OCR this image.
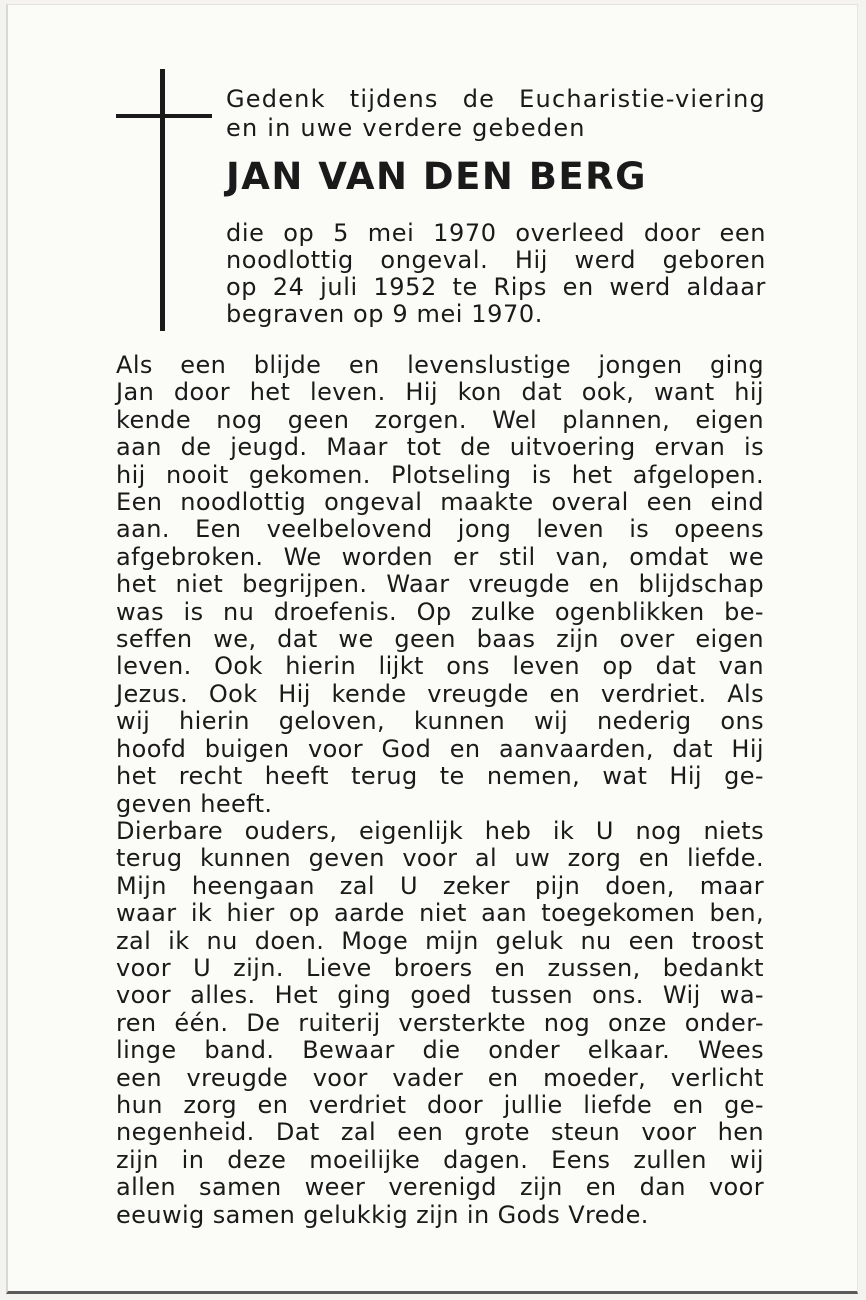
Gedenk tijdens de Eucharistie-viering
en in uwe verdere gebeden
JAN VAN DEN BERG
die op 5 mei 1970 overleed door een
noodlottig ongeval. Hij werd geboren
op 24 juli 1952 te Rips en werd aldaar
begraven op 9 mei 1970.
Als een blijde en levenslustige jongen ging
Jan door het leven. Hij kon dat ook, want hij
kende nog geen zorgen. Wel plannen, eigen
aan de jeugd. Maar tot de uitvoering ervan is
hij nooit gekomen. Plotseling is het afgelopen.
Een noodlottig ongeval maakte overal een eind
aan. Een veelbelovend jong leven is opeens
afgebroken. We worden er stil van, omdat we
het niet begrijpen. Waar vreugde en blijdschap
was is nu droefenis. Op zulke ogenblikken be-
seffen we, dat we geen baas zijn over eigen
leven. Ook hierin lijkt ons leven op dat van
Jezus. Ook Hij kende vreugde en verdriet. Als
wij hierin geloven, kunnen wij nederig ons
hoofd buigen voor God en aanvaarden, dat Hij
het recht heeft terug te nemen, wat Hij ge-
geven heeft.
Dierbare ouders, eigenlijk heb ik U nog niets
terug kunnen geven voor al uw zorg en liefde.
Mijn heengaan zal U zeker pijn doen, maar
waar ik hier op aarde niet aan toegekomen ben,
zal ik nu doen. Moge mijn geluk nu een troost
voor U zijn. Lieve broers en zussen, bedankt
voor alles. Het ging goed tussen ons. Wij wa-
ren één. De ruiterij versterkte nog onze onder-
linge band. Bewaar die onder elkaar. Wees
een vreugde voor vader en moeder, verlicht
hun zorg en verdriet door jullie liefde en ge-
negenheid. Dat zal een grote steun voor hen
zijn in deze moeilijke dagen. Eens zullen wij
allen samen weer verenigd zijn en dan voor
eeuwig samen gelukkig zijn in Gods Vrede.
